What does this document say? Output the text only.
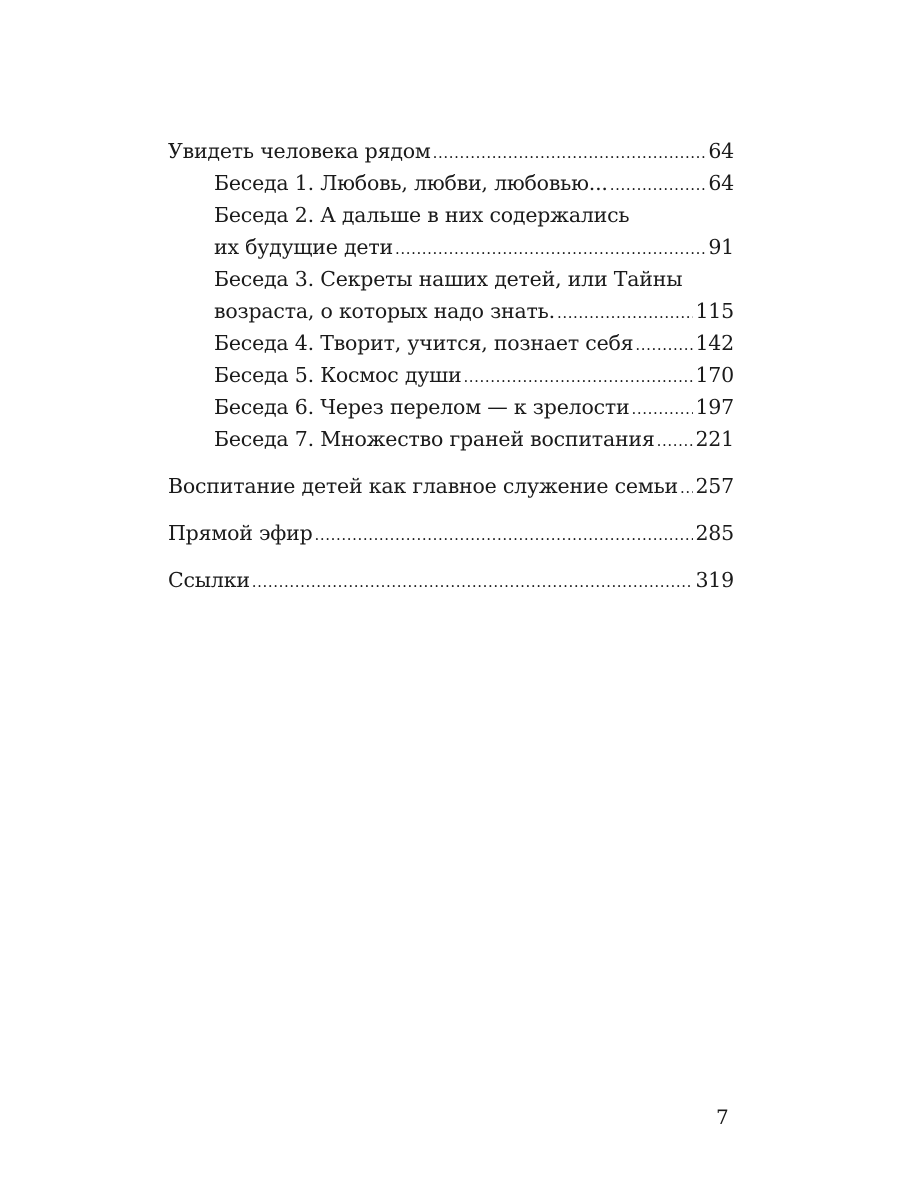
Увидеть человека рядом .....	64
Беседа 1. Любовь, любви, любовью... .....	64
Беседа 2. А дальше в них содержались
их будущие дети .....	91
Беседа 3. Секреты наших детей, или Тайны
возраста, о которых надо знать. .....	115
Беседа 4. Творит, учится, познает себя .....	142
Беседа 5. Космос души .....	170
Беседа 6. Через перелом — к зрелости .....	197
Беседа 7. Множество граней воспитания ..... 221
Воспитание детей как главное служение семьи ..... 257
Прямой эфир .....	285
Ссылки .....	319
7
